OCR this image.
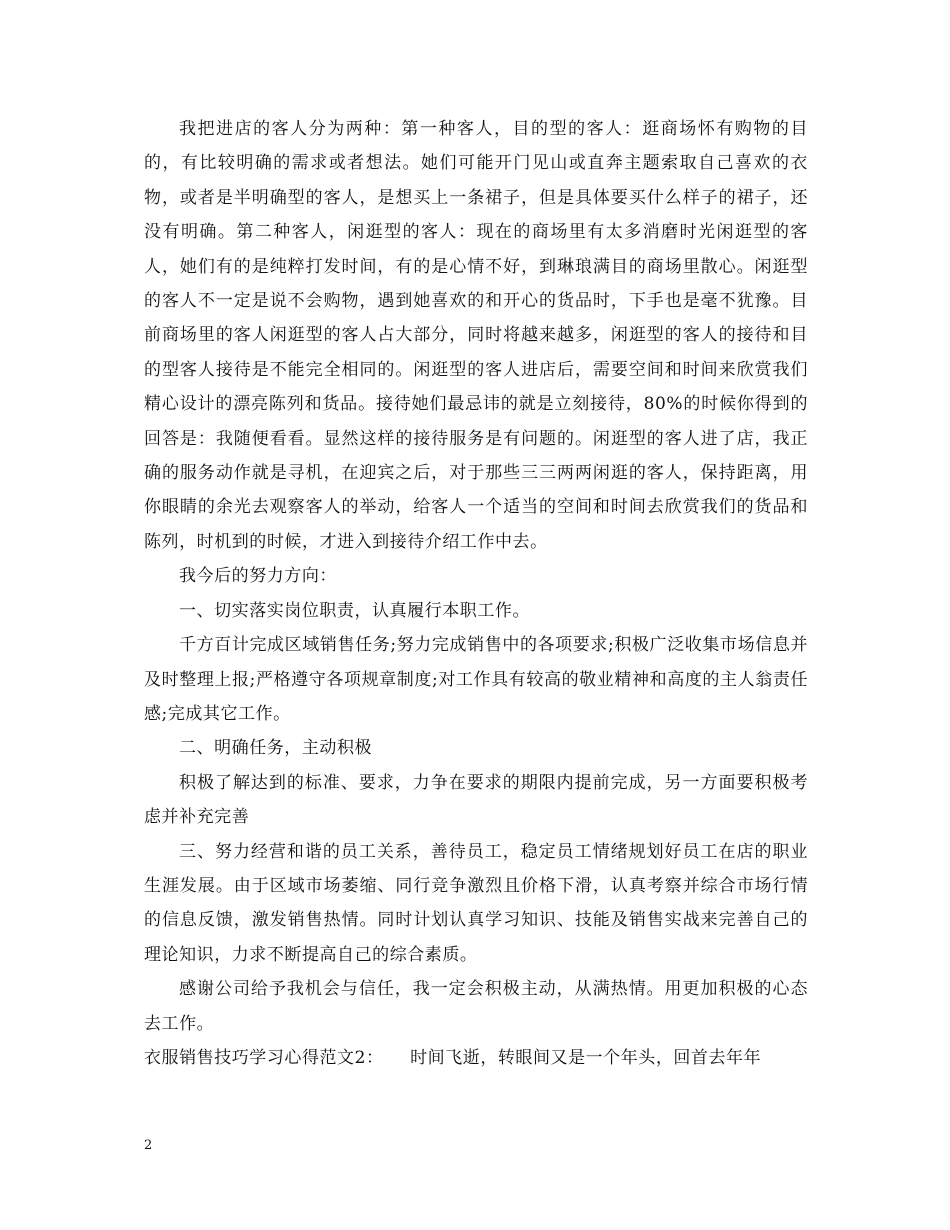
我把进店的客人分为两种：第一种客人，目的型的客人：逛商场怀有购物的目的，有比较明确的需求或者想法。她们可能开门见山或直奔主题索取自己喜欢的衣物，或者是半明确型的客人，是想买上一条裙子，但是具体要买什么样子的裙子，还没有明确。第二种客人，闲逛型的客人：现在的商场里有太多消磨时光闲逛型的客人，她们有的是纯粹打发时间，有的是心情不好，到琳琅满目的商场里散心。闲逛型的客人不一定是说不会购物，遇到她喜欢的和开心的货品时，下手也是毫不犹豫。目前商场里的客人闲逛型的客人占大部分，同时将越来越多，闲逛型的客人的接待和目的型客人接待是不能完全相同的。闲逛型的客人进店后，需要空间和时间来欣赏我们精心设计的漂亮陈列和货品。接待她们最忌讳的就是立刻接待，80%的时候你得到的回答是：我随便看看。显然这样的接待服务是有问题的。闲逛型的客人进了店，我正确的服务动作就是寻机，在迎宾之后，对于那些三三两两闲逛的客人，保持距离，用你眼睛的余光去观察客人的举动，给客人一个适当的空间和时间去欣赏我们的货品和陈列，时机到的时候，才进入到接待介绍工作中去。

我今后的努力方向：

一、切实落实岗位职责，认真履行本职工作。

千方百计完成区域销售任务;努力完成销售中的各项要求;积极广泛收集市场信息并及时整理上报;严格遵守各项规章制度;对工作具有较高的敬业精神和高度的主人翁责任感;完成其它工作。

二、明确任务，主动积极

积极了解达到的标准、要求，力争在要求的期限内提前完成，另一方面要积极考虑并补充完善

三、努力经营和谐的员工关系，善待员工，稳定员工情绪规划好员工在店的职业生涯发展。由于区域市场萎缩、同行竞争激烈且价格下滑，认真考察并综合市场行情的信息反馈，激发销售热情。同时计划认真学习知识、技能及销售实战来完善自己的理论知识，力求不断提高自己的综合素质。

感谢公司给予我机会与信任，我一定会积极主动，从满热情。用更加积极的心态去工作。

衣服销售技巧学习心得范文2：　　时间飞逝，转眼间又是一个年头，回首去年年

2
